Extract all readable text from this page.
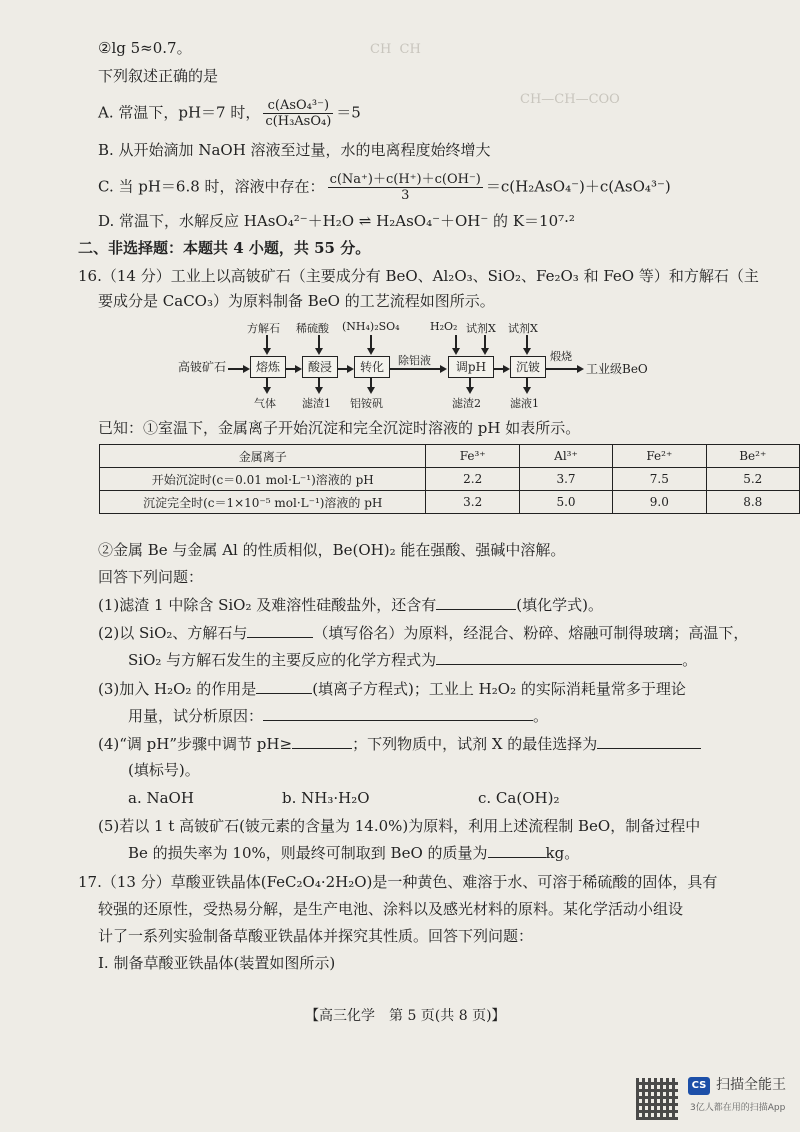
CH  CH
CH—CH—COO
②lg 5≈0.7。
下列叙述正确的是
A. 常温下，pH＝7 时， $\frac{\text{c(AsO₄³⁻)}}{\text{c(H₃AsO₄)}} =5$
B. 从开始滴加 NaOH 溶液至过量，水的电离程度始终增大
C. 当 pH＝6.8 时，溶液中存在： $\frac{c(Na^+)+c(H^+)+c(OH^-)}{3} =c(H_2AsO_4^-)+c(AsO_4^{3-})$
D. 常温下，水解反应 HAsO₄²⁻＋H₂O ⇌ H₂AsO₄⁻＋OH⁻ 的 K＝10⁷·²
二、非选择题：本题共 4 小题，共 55 分。
16.（14 分）工业上以高铍矿石（主要成分有 BeO、Al₂O₃、SiO₂、Fe₂O₃ 和 FeO 等）和方解石（主
要成分是 CaCO₃）为原料制备 BeO 的工艺流程如图所示。
高铍矿石	熔炼	酸浸	转化	除铝液	调pH	沉铍
煅烧
工业级BeO
方解石 稀硫酸 (NH₄)₂SO₄	H₂O₂ 试剂X 试剂X
气体 滤渣1 铝铵矾	滤渣2	滤液1
已知：①室温下，金属离子开始沉淀和完全沉淀时溶液的 pH 如表所示。
金属离子	Fe³⁺	Al³⁺	Fe²⁺	Be²⁺
开始沉淀时(c＝0.01 mol·L⁻¹)溶液的 pH	2.2	3.7	7.5	5.2
沉淀完全时(c＝1×10⁻⁵ mol·L⁻¹)溶液的 pH	3.2	5.0	9.0	8.8
②金属 Be 与金属 Al 的性质相似，Be(OH)₂ 能在强酸、强碱中溶解。
回答下列问题：
(1)滤渣 1 中除含 SiO₂ 及难溶性硅酸盐外，还含有	(填化学式)。
(2)以 SiO₂、方解石与	（填写俗名）为原料，经混合、粉碎、熔融可制得玻璃；高温下，
SiO₂ 与方解石发生的主要反应的化学方程式为	。
(3)加入 H₂O₂ 的作用是	(填离子方程式)；工业上 H₂O₂ 的实际消耗量常多于理论
用量，试分析原因：	。
(4)“调 pH”步骤中调节 pH≥	；下列物质中，试剂 X 的最佳选择为
(填标号)。
a. NaOH	b. NH₃·H₂O	c. Ca(OH)₂
(5)若以 1 t 高铍矿石(铍元素的含量为 14.0%)为原料，利用上述流程制 BeO，制备过程中
Be 的损失率为 10%，则最终可制取到 BeO 的质量为	kg。
17.（13 分）草酸亚铁晶体(FeC₂O₄·2H₂O)是一种黄色、难溶于水、可溶于稀硫酸的固体，具有
较强的还原性，受热易分解，是生产电池、涂料以及感光材料的原料。某化学活动小组设
计了一系列实验制备草酸亚铁晶体并探究其性质。回答下列问题：
Ⅰ. 制备草酸亚铁晶体(装置如图所示)
【高三化学　第 5 页(共 8 页)】
CS 扫描全能王
3亿人都在用的扫描App
